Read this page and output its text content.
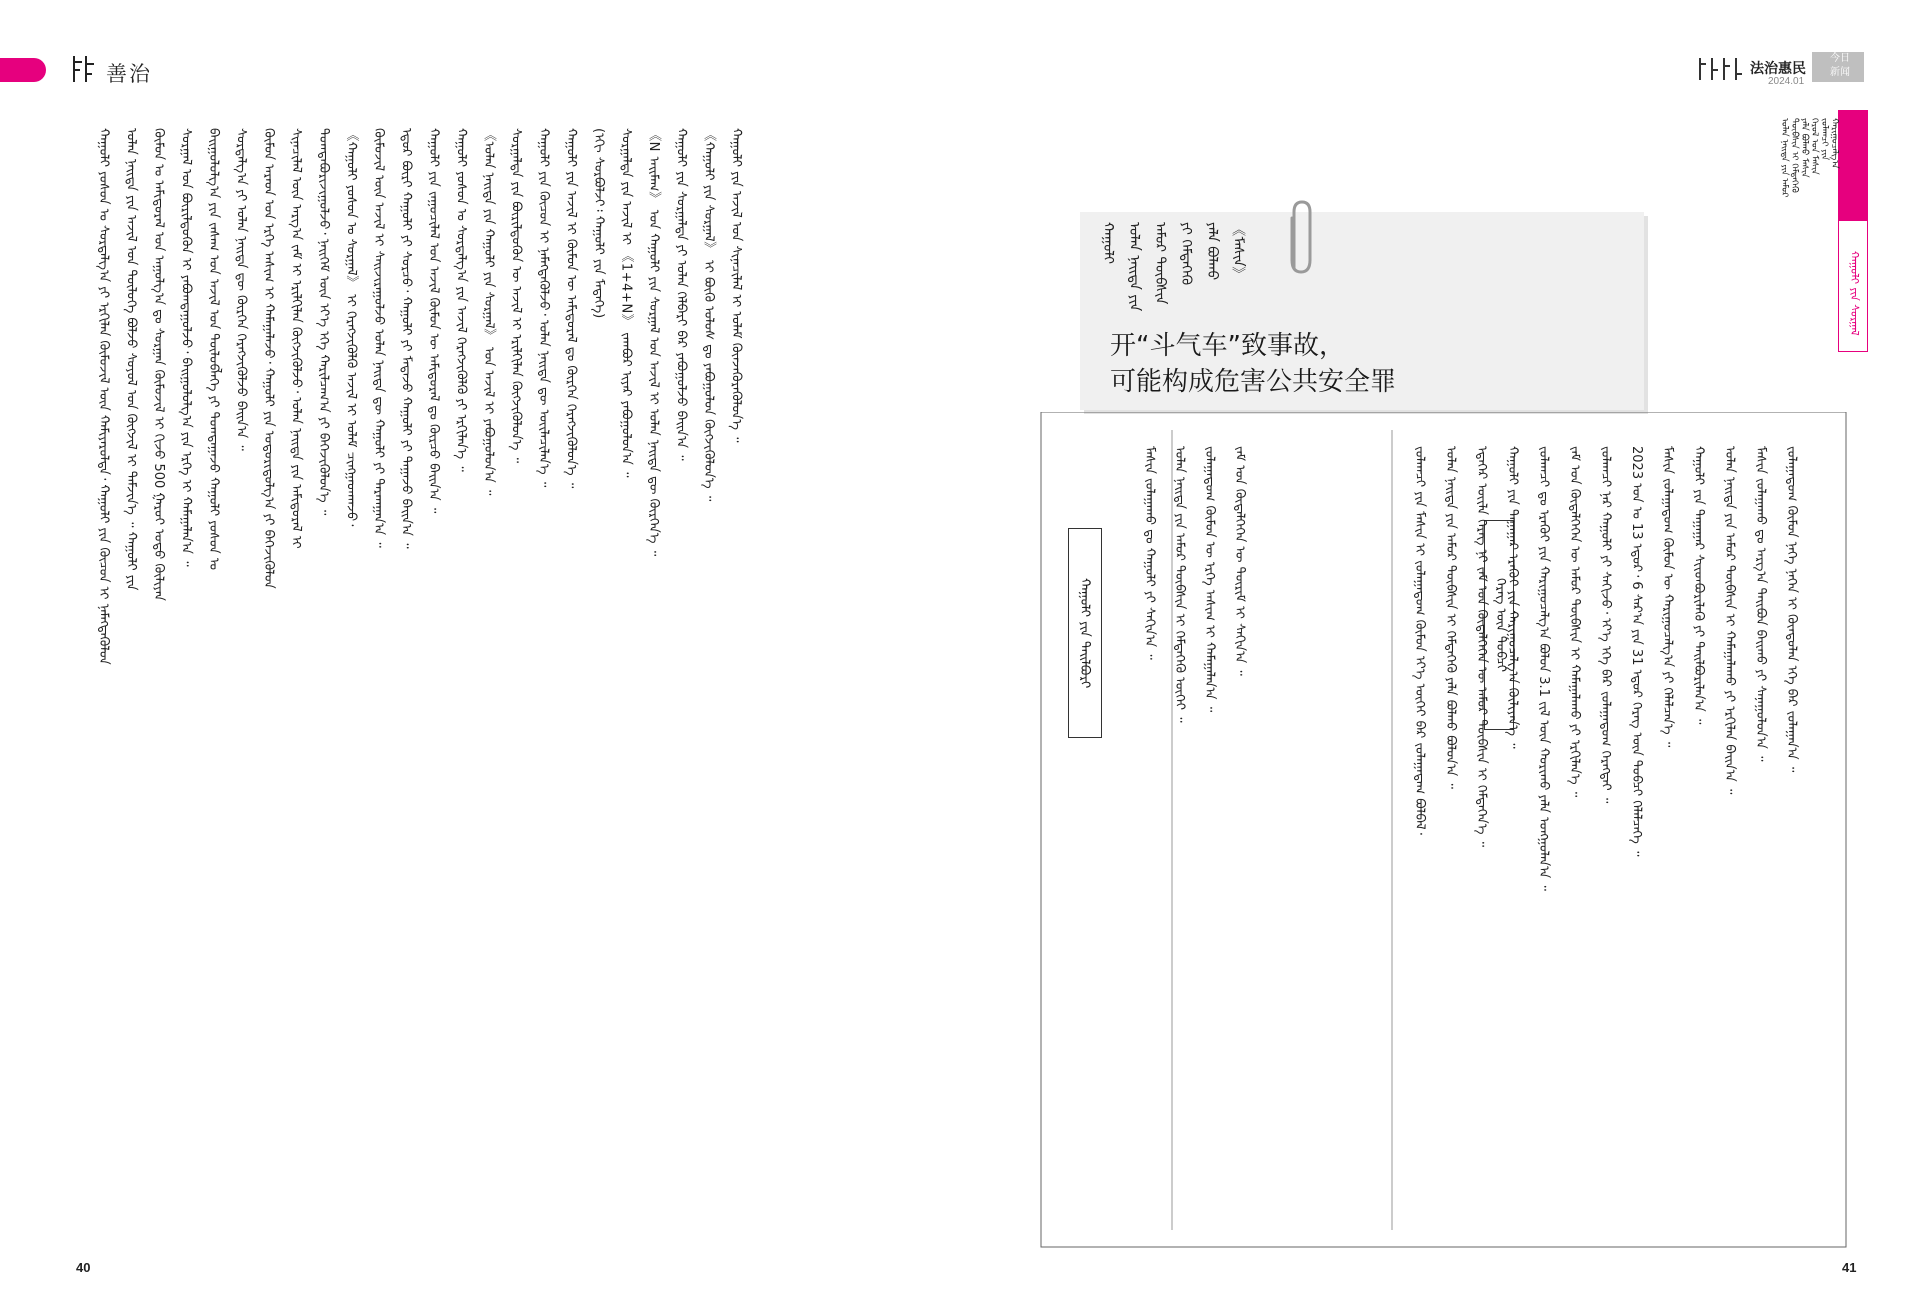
善治
ᠬᠠᠭᠤᠯᠢ ᠶᠣᠰᠣᠨ ᠤ ᠰᠤᠷᠳᠠᠯᠭ᠎ᠠ ᠶᠢ ᠡᠷᠬᠢᠯᠡᠨ ᠬᠦᠮᠦᠵᠢᠯ ᠦᠨ ᠬᠠᠮᠢᠶᠠᠷᠤᠯᠲᠠ᠂ ᠬᠠᠭᠤᠯᠢ ᠶᠢᠨ ᠬᠦᠴᠦᠨ ᠢ ᠨᠡᠮᠡᠭᠳᠡᠭᠦᠯᠦᠨ ᠣᠯᠠᠨ ᠨᠡᠢᠲᠡ ᠶᠢᠨ ᠠᠵᠢᠯ ᠤᠨ ᠲᠥᠯᠦᠭᠡ ᠪᠣᠯᠵᠤ ᠰᠤᠶᠤᠯ ᠤᠨ ᠬᠥᠭᠵᠢᠯ ᠢ ᠳᠡᠮᠵᠢᠨ᠎ᠡ ᠃ ᠬᠠᠭᠤᠯᠢ ᠶᠢᠨ ᠬᠦᠮᠦᠨ ᠤ ᠠᠮᠢᠳᠤᠷᠠᠯ ᠤᠨ ᠠᠭᠤᠯᠭ᠎ᠠ ᠳᠤ ᠰᠤᠷᠭᠠᠨ ᠬᠦᠮᠦᠵᠢᠯ ᠢ ᠬᠢᠵᠦ 500 ᠭᠠᠷᠤᠢ ᠣᠳᠣ ᠬᠦᠯᠢᠶᠡᠨ ᠰᠤᠷᠭᠠᠯ ᠤᠨ ᠪᠦᠷᠢᠯᠳᠦᠭᠦᠨ ᠢ ᠶᠠᠪᠤᠭᠳᠠᠭᠤᠯᠵᠤ᠂ ᠪᠠᠢᠭᠤᠯᠤᠯᠭ᠎ᠠ ᠶᠢᠨ ᠡᠷᠬᠡ ᠢ ᠬᠠᠮᠠᠭᠠᠯᠠᠨ᠎ᠠ ᠃ ᠪᠠᠢᠭᠤᠯᠤᠯᠭ᠎ᠠ ᠶᠢᠨ ᠵᠠᠰᠠᠭ ᠤᠨ ᠠᠵᠢᠯ ᠤᠨ ᠲᠥᠯᠦᠪᠯᠡᠭᠡ ᠶᠢ ᠲᠣᠭᠲᠠᠭᠠᠵᠤ ᠬᠠᠭᠤᠯᠢ ᠶᠣᠰᠣᠨ ᠤ ᠰᠤᠷᠳᠠᠯᠭ᠎ᠠ ᠶᠢ ᠣᠯᠠᠨ ᠨᠡᠢᠲᠡ ᠳᠦ ᠬᠦᠷᠭᠡᠨ ᠬᠡᠷᠡᠭᠵᠢᠭᠦᠯᠵᠦ ᠪᠠᠢᠨ᠎ᠠ ᠃ ᠬᠦᠮᠦᠨ ᠠᠷᠠᠳ ᠤᠨ ᠡᠷᠬᠡ ᠠᠰᠢᠭ ᠢ ᠬᠠᠮᠠᠭᠠᠯᠠᠵᠤ᠂ ᠬᠠᠭᠤᠯᠢ ᠶᠢᠨ ᠤᠳᠤᠷᠢᠳᠤᠯᠭ᠎ᠠ ᠶᠢ ᠪᠡᠬᠡᠵᠢᠭᠦᠯᠦᠨ ᠰᠢᠨᠡᠴᠢᠯᠡᠯ ᠦᠨ ᠠᠷᠭ᠎ᠠ ᠵᠠᠮ ᠢ ᠡᠷᠢᠯᠬᠢᠯᠡᠨ ᠬᠥᠭᠵᠢᠭᠦᠯᠵᠦ᠂ ᠣᠯᠠᠨ ᠨᠡᠢᠲᠡ ᠶᠢᠨ ᠠᠮᠢᠳᠤᠷᠠᠯ ᠢ ᠲᠣᠭᠲᠠᠪᠤᠷᠢᠵᠢᠭᠤᠯᠵᠤ᠂ ᠨᠡᠢᠭᠡᠮ ᠦᠨ ᠡᠶ᠎ᠡ ᠡᠭᠡ ᠬᠠᠷᠢᠯᠴᠠᠭ᠎ᠠ ᠶᠢ ᠪᠡᠬᠡᠵᠢᠭᠦᠯᠦᠨ᠎ᠡ ᠃ 《ᠬᠠᠭᠤᠯᠢ ᠶᠣᠰᠣᠨ ᠤ ᠰᠤᠷᠭᠠᠯ》 ᠢ ᠬᠡᠷᠡᠭᠵᠢᠭᠦᠯᠬᠦ ᠠᠵᠢᠯ ᠢ ᠤᠯᠠᠮ ᠴᠢᠩᠭᠠᠳᠬᠠᠵᠤ᠂ ᠬᠦᠮᠦᠵᠢᠯ ᠦᠨ ᠠᠵᠢᠯ ᠢ ᠰᠠᠢᠵᠢᠷᠠᠭᠤᠯᠵᠤ ᠣᠯᠠᠨ ᠨᠡᠢᠲᠡ ᠳᠦ ᠬᠠᠭᠤᠯᠢ ᠶᠢ ᠲᠠᠷᠬᠠᠭᠠᠨ᠎ᠠ ᠃ ᠡᠳᠦᠷ ᠪᠦᠷᠢ ᠬᠠᠭᠤᠯᠢ ᠶᠢ ᠰᠤᠷᠴᠤ᠂ ᠬᠠᠭᠤᠯᠢ ᠶᠢ ᠮᠡᠳᠡᠵᠦ ᠬᠠᠭᠤᠯᠢ ᠶᠢ ᠳᠠᠭᠠᠵᠤ ᠪᠠᠢᠨ᠎ᠠ ᠃ ᠬᠠᠭᠤᠯᠢ ᠶᠢᠨ ᠵᠠᠭᠤᠴᠢᠯᠠᠯ ᠤᠨ ᠠᠵᠢᠯ ᠬᠦᠮᠦᠨ ᠦ ᠠᠮᠢᠳᠤᠷᠠᠯ ᠳᠤ ᠬᠦᠷᠴᠦ ᠪᠠᠢᠨ᠎ᠠ ᠃ ᠬᠠᠭᠤᠯᠢ ᠶᠣᠰᠣᠨ ᠤ ᠰᠤᠷᠳᠠᠯᠭ᠎ᠠ ᠶᠢᠨ ᠠᠵᠢᠯ ᠬᠡᠷᠡᠭᠵᠢᠭᠦᠯᠬᠦ ᠶᠢ ᠡᠷᠬᠢᠯᠡᠨ᠎ᠡ ᠃ 《ᠣᠯᠠᠨ ᠨᠡᠢᠲᠡ ᠶᠢᠨ ᠬᠠᠭᠤᠯᠢ ᠶᠢᠨ ᠰᠤᠷᠭᠠᠯ》 ᠤᠨ ᠠᠵᠢᠯ ᠢ ᠶᠠᠪᠤᠭᠤᠯᠤᠨ᠎ᠠ ᠃ ᠰᠤᠷᠭᠠᠯᠲᠠ ᠶᠢᠨ ᠪᠦᠷᠢᠯᠳᠦᠭᠦᠨ ᠦ ᠠᠵᠢᠯ ᠢ ᠡᠷᠢᠯᠬᠢᠯᠡᠨ ᠬᠥᠭᠵᠢᠭᠦᠯᠦᠨ᠎ᠡ ᠃ ᠬᠠᠭᠤᠯᠢ ᠶᠢᠨ ᠬᠦᠴᠦᠨ ᠢ ᠨᠡᠮᠡᠭᠳᠡᠭᠦᠯᠵᠦ᠂ ᠣᠯᠠᠨ ᠨᠡᠢᠲᠡ ᠳᠦ ᠦᠢᠯᠡᠴᠢᠯᠡᠨ᠎ᠡ ᠃ ᠬᠠᠭᠤᠯᠢ ᠶᠢᠨ ᠠᠵᠢᠯ ᠢ ᠬᠦᠮᠦᠨ ᠦ ᠠᠮᠢᠳᠤᠷᠠᠯ ᠳᠤ ᠬᠦᠷᠭᠡᠨ ᠬᠡᠷᠡᠭᠵᠢᠭᠦᠯᠦᠨ᠎ᠡ ᠃ (ᠡᠬᠢ ᠰᠤᠷᠪᠤᠯᠵᠢ᠄ ᠬᠠᠭᠤᠯᠢ ᠶᠢᠨ ᠮᠡᠳᠡᠭᠡ) ᠰᠤᠷᠭᠠᠯᠲᠠ ᠶᠢᠨ ᠠᠵᠢᠯ ᠢ 《1+4+N》 ᠵᠠᠭᠪᠤᠷ ᠢᠶᠠᠷ ᠶᠠᠪᠤᠭᠤᠯᠤᠨ᠎ᠠ ᠃ 《N ᠠᠢᠮᠠᠭ》 ᠤᠨ ᠬᠠᠭᠤᠯᠢ ᠶᠢᠨ ᠰᠤᠷᠭᠠᠯ ᠤᠨ ᠠᠵᠢᠯ ᠢ ᠣᠯᠠᠨ ᠨᠡᠢᠲᠡ ᠳᠦ ᠬᠦᠷᠭᠡᠨ᠎ᠡ ᠃ ᠬᠠᠭᠤᠯᠢ ᠶᠢᠨ ᠰᠤᠷᠭᠠᠯᠲᠠ ᠶᠢ ᠣᠯᠠᠨ ᠬᠡᠯᠪᠡᠷᠢ ᠪᠡᠷ ᠶᠠᠪᠤᠭᠤᠯᠵᠤ ᠪᠠᠢᠨ᠎ᠠ ᠃ 《ᠬᠠᠭᠤᠯᠢ ᠶᠢᠨ ᠰᠤᠷᠭᠠᠯ》 ᠢ ᠪᠦᠬᠦ ᠤᠯᠤᠰ ᠳᠤ ᠶᠠᠪᠤᠭᠤᠯᠤᠨ ᠬᠥᠭᠵᠢᠭᠦᠯᠦᠨ᠎ᠡ ᠃ ᠬᠠᠭᠤᠯᠢ ᠶᠢᠨ ᠠᠵᠢᠯ ᠤᠨ ᠰᠢᠨᠡᠴᠢᠯᠡᠯ ᠢ ᠤᠯᠠᠮ ᠭᠦᠨᠵᠡᠭᠦᠷᠡᠭᠦᠯᠦᠨ᠎ᠡ ᠃
40
法治惠民
2024.01
今日
新闻
ᠬᠠᠭᠤᠯᠢ ᠶᠢᠨ ᠰᠤᠷᠭᠠᠯ
ᠣᠯᠠᠨ ᠨᠡᠢᠲᠡ ᠶᠢᠨ ᠠᠮᠤᠷ ᠲᠦᠪᠰᠢᠨ ᠢ ᠭᠡᠮᠲᠡᠭᠡᠬᠦ ᠶᠠᠯᠠ ᠪᠣᠯᠬᠤ ᠮᠠᠰᠢᠨ ᠬᠡᠷᠦᠯ ᠤᠨ ᠮᠠᠰᠢᠨ ᠵᠣᠯᠠᠭᠴᠢ ᠶᠢᠨ ᠬᠠᠷᠢᠭᠤᠴᠠᠯᠭ᠎ᠠ
ᠬᠠᠭᠤᠯᠢ ᠣᠯᠠᠨ ᠨᠡᠢᠲᠡ ᠶᠢᠨ ᠠᠮᠤᠷ ᠲᠦᠪᠰᠢᠨ ᠶᠢ ᠭᠡᠮᠲᠡᠭᠡᠬᠦ ᠶᠠᠯᠠ ᠪᠣᠯᠬᠤ 《ᠮᠠᠰᠢᠨ》
开“斗气车”致事故，
可能构成危害公共安全罪
ᠬᠡᠷᠡᠭ ᠦᠨ ᠲᠣᠪᠴᠢ
ᠬᠠᠭᠤᠯᠢ ᠶᠢᠨ ᠲᠠᠢᠯᠪᠤᠷᠢ	ᠵᠣᠯᠠᠭᠴᠢ ᠶᠢᠨ ᠮᠠᠰᠢᠨ ᠢ ᠵᠣᠯᠠᠭᠠᠳᠤᠭ ᠬᠦᠮᠦᠨ ᠡᠶ᠎ᠡ ᠦᠭᠡᠢ ᠪᠡᠷ ᠵᠣᠯᠠᠭᠠᠳᠠᠭ ᠪᠣᠯᠪᠠᠯ᠂	ᠣᠯᠠᠨ ᠨᠡᠢᠲᠡ ᠶᠢᠨ ᠠᠮᠤᠷ ᠲᠦᠪᠰᠢᠨ ᠢ ᠭᠡᠮᠲᠡᠭᠡᠬᠦ ᠶᠠᠯᠠ ᠪᠣᠯᠬᠤ ᠪᠣᠯᠤᠨ᠎ᠠ ᠃	ᠡᠳᠡᠭᠡᠷ ᠦᠢᠯᠡ ᠬᠡᠷᠡᠭ ᠨᠢ ᠵᠠᠮ ᠤᠨ ᠬᠥᠳᠡᠯᠭᠡᠭᠡᠨ ᠦ ᠠᠮᠤᠷ ᠲᠦᠪᠰᠢᠨ ᠢ ᠭᠡᠮᠲᠡᠭᠡᠨ᠎ᠡ ᠃	ᠬᠠᠭᠤᠯᠢ ᠶᠢᠨ ᠳᠠᠭᠠᠭᠠᠷ ᠡᠷᠡᠬᠦᠢ ᠶᠢᠨ ᠬᠠᠷᠢᠭᠤᠴᠠᠯᠭ᠎ᠠ ᠬᠦᠯᠢᠶᠡᠨ᠎ᠡ ᠃	ᠵᠣᠯᠠᠭᠴᠢ ᠳᠤ ᠡᠷᠡᠬᠦᠢ ᠶᠢᠨ ᠬᠠᠷᠢᠭᠤᠴᠠᠯᠭ᠎ᠠ ᠪᠣᠯᠤᠨ 3.1 ᠵᠢᠯ ᠦᠨ ᠬᠣᠷᠢᠬᠤ ᠶᠠᠯᠠ ᠣᠩᠭᠣᠯᠠᠨ᠎ᠠ ᠃	ᠵᠠᠮ ᠤᠨ ᠬᠥᠳᠡᠯᠭᠡᠭᠡᠨ ᠦ ᠠᠮᠤᠷ ᠲᠦᠪᠰᠢᠨ ᠢ ᠬᠠᠮᠠᠭᠠᠯᠠᠬᠤ ᠶᠢ ᠡᠷᠬᠢᠯᠡᠨ᠎ᠡ ᠃	ᠵᠣᠯᠠᠭᠴᠢ ᠨᠠᠷ ᠬᠠᠭᠤᠯᠢ ᠶᠢ ᠰᠠᠬᠢᠵᠤ᠂ ᠡᠶ᠎ᠡ ᠡᠭᠡ ᠪᠡᠷ ᠵᠣᠯᠠᠭᠠᠳᠤᠭ ᠬᠡᠷᠡᠭᠲᠡᠢ ᠃	2023 ᠣᠨ ᠤ 13 ᠡᠳᠦᠷ᠂ 6 ᠰᠠᠷ᠎ᠠ ᠶᠢᠨ 31 ᠡᠳᠦᠷ ᠬᠡᠷᠡᠭ ᠦᠨ ᠲᠣᠪᠴᠢ ᠬᠡᠯᠡᠯᠴᠡᠭᠡ ᠃	ᠮᠠᠰᠢᠨ ᠵᠣᠯᠠᠭᠠᠳᠤᠭ ᠬᠦᠮᠦᠨ ᠦ ᠬᠠᠷᠢᠭᠤᠴᠠᠯᠭ᠎ᠠ ᠶᠢ ᠬᠡᠯᠡᠯᠴᠡᠨ᠎ᠡ ᠃	ᠬᠠᠭᠤᠯᠢ ᠶᠢᠨ ᠳᠠᠭᠠᠭᠠᠷ ᠰᠢᠢᠳᠪᠦᠷᠢᠯᠡᠬᠦ ᠶᠢ ᠲᠠᠢᠯᠪᠤᠷᠢᠯᠠᠨ᠎ᠠ ᠃	ᠣᠯᠠᠨ ᠨᠡᠢᠲᠡ ᠶᠢᠨ ᠠᠮᠤᠷ ᠲᠦᠪᠰᠢᠨ ᠢ ᠬᠠᠮᠠᠭᠠᠯᠠᠬᠤ ᠶᠢ ᠡᠷᠬᠢᠯᠡᠨ ᠪᠠᠢᠨ᠎ᠠ ᠃	ᠮᠠᠰᠢᠨ ᠵᠣᠯᠠᠭᠠᠬᠤ ᠳᠤ ᠠᠷᠭ᠎ᠠ ᠲᠠᠢᠪᠤᠨ ᠪᠠᠢᠬᠤ ᠶᠢ ᠰᠠᠨᠠᠭᠤᠯᠤᠨ᠎ᠠ ᠃	ᠵᠣᠯᠠᠭᠠᠳᠤᠭ ᠬᠦᠮᠦᠨ ᠨᠡᠭᠡ ᠨᠡᠭᠡᠨ ᠢ ᠬᠦᠨᠳᠦᠯᠡᠨ ᠡᠭᠡ ᠪᠡᠷ ᠵᠣᠯᠠᠭᠠᠨ᠎ᠠ ᠃
ᠮᠠᠰᠢᠨ ᠵᠣᠯᠠᠭᠠᠬᠤ ᠳᠤ ᠬᠠᠭᠤᠯᠢ ᠶᠢ ᠰᠠᠬᠢᠨ᠎ᠠ ᠃	ᠣᠯᠠᠨ ᠨᠡᠢᠲᠡ ᠶᠢᠨ ᠠᠮᠤᠷ ᠲᠦᠪᠰᠢᠨ ᠢ ᠭᠡᠮᠲᠡᠭᠡᠬᠦ ᠦᠭᠡᠢ ᠃	ᠵᠣᠯᠠᠭᠠᠳᠤᠭ ᠬᠦᠮᠦᠨ ᠦ ᠡᠷᠬᠡ ᠠᠰᠢᠭ ᠢ ᠬᠠᠮᠠᠭᠠᠯᠠᠨ᠎ᠠ ᠃	ᠵᠠᠮ ᠤᠨ ᠬᠥᠳᠡᠯᠭᠡᠭᠡᠨ ᠦ ᠳᠦᠷᠢᠮ ᠢ ᠰᠠᠬᠢᠨ᠎ᠠ ᠃
41
